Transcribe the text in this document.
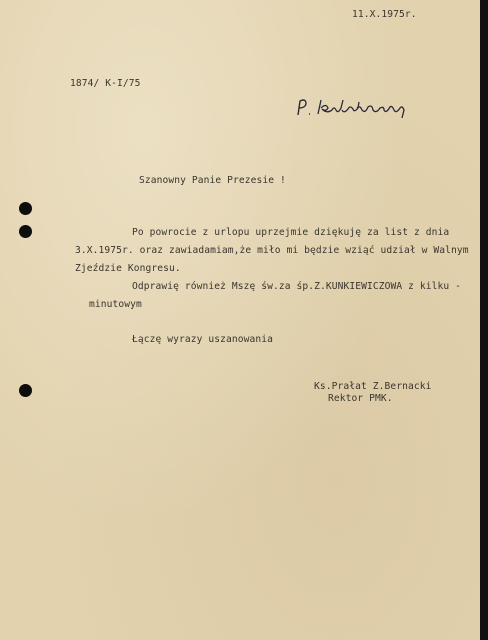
11.X.1975r.
1874/ K-I/75
Szanowny Panie Prezesie !
Po powrocie z urlopu uprzejmie dziękuję za list z dnia
3.X.1975r. oraz zawiadamiam,że miło mi będzie wziąć udział w Walnym
Zjeździe Kongresu.
Odprawię również Mszę św.za śp.Z.KUNKIEWICZOWA z kilku -
minutowym
Łączę wyrazy uszanowania
Ks.Prałat Z.Bernacki
Rektor PMK.
